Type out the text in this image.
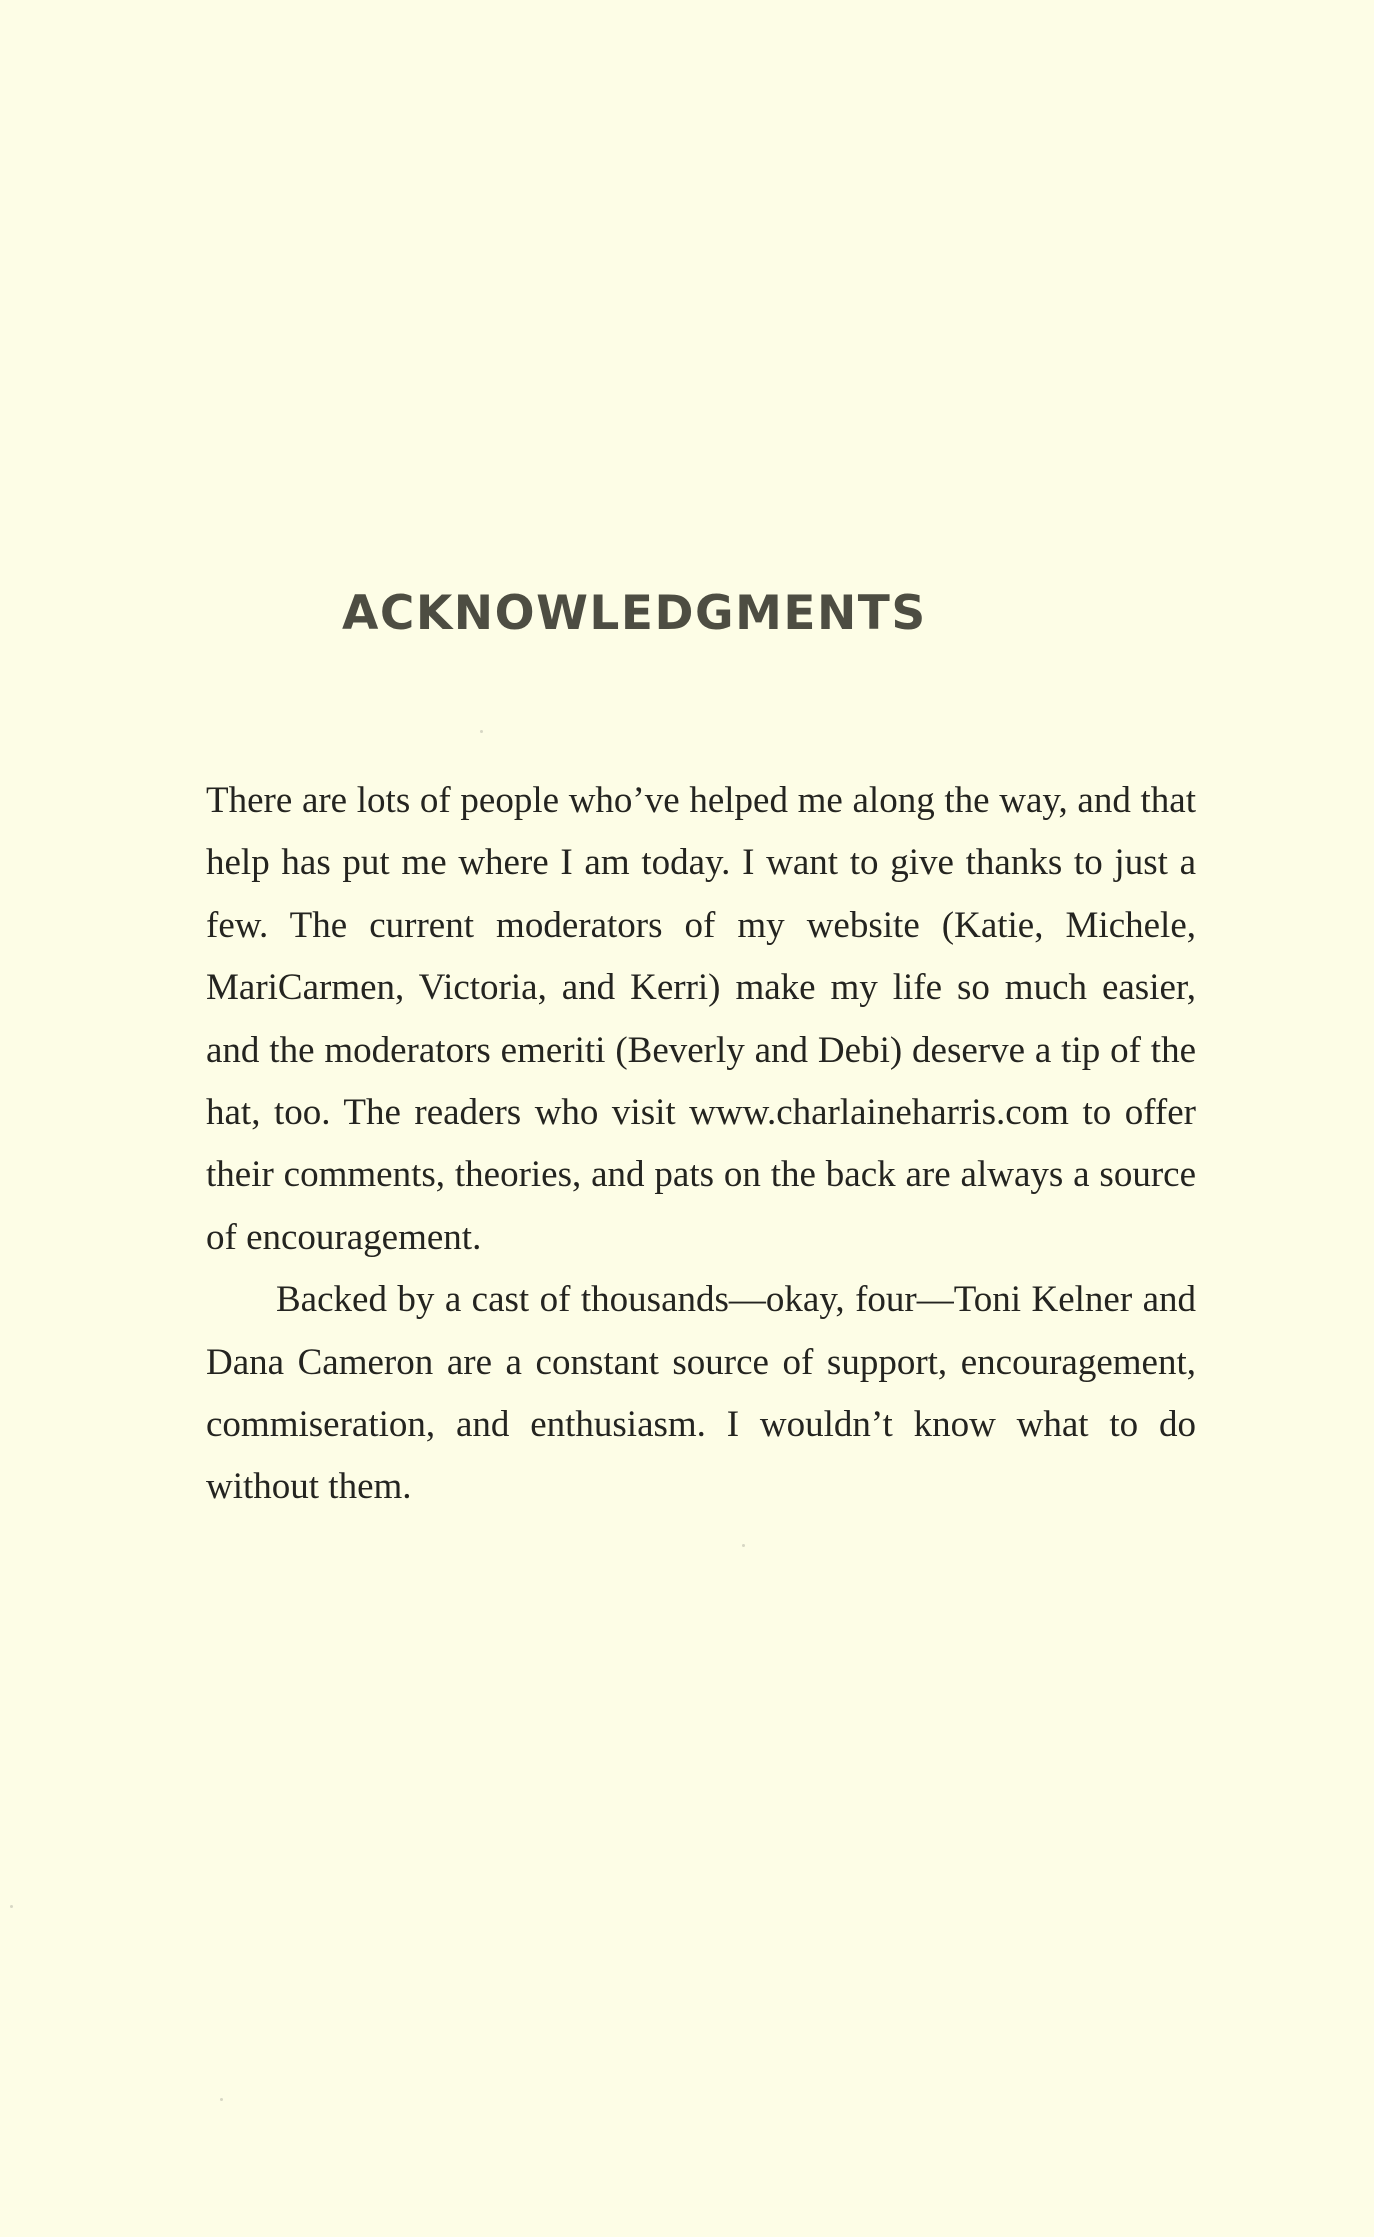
ACKNOWLEDGMENTS

There are lots of people who’ve helped me along the way, and that help has put me where I am today. I want to give thanks to just a few. The current moderators of my website (Katie, Michele, MariCarmen, Victoria, and Kerri) make my life so much easier, and the moderators emeriti (Beverly and Debi) deserve a tip of the hat, too. The readers who visit www.charlaineharris.com to offer their comments, theories, and pats on the back are always a source of encouragement.

Backed by a cast of thousands—okay, four—Toni Kelner and Dana Cameron are a constant source of support, encouragement, commiseration, and enthusiasm. I wouldn’t know what to do without them.
